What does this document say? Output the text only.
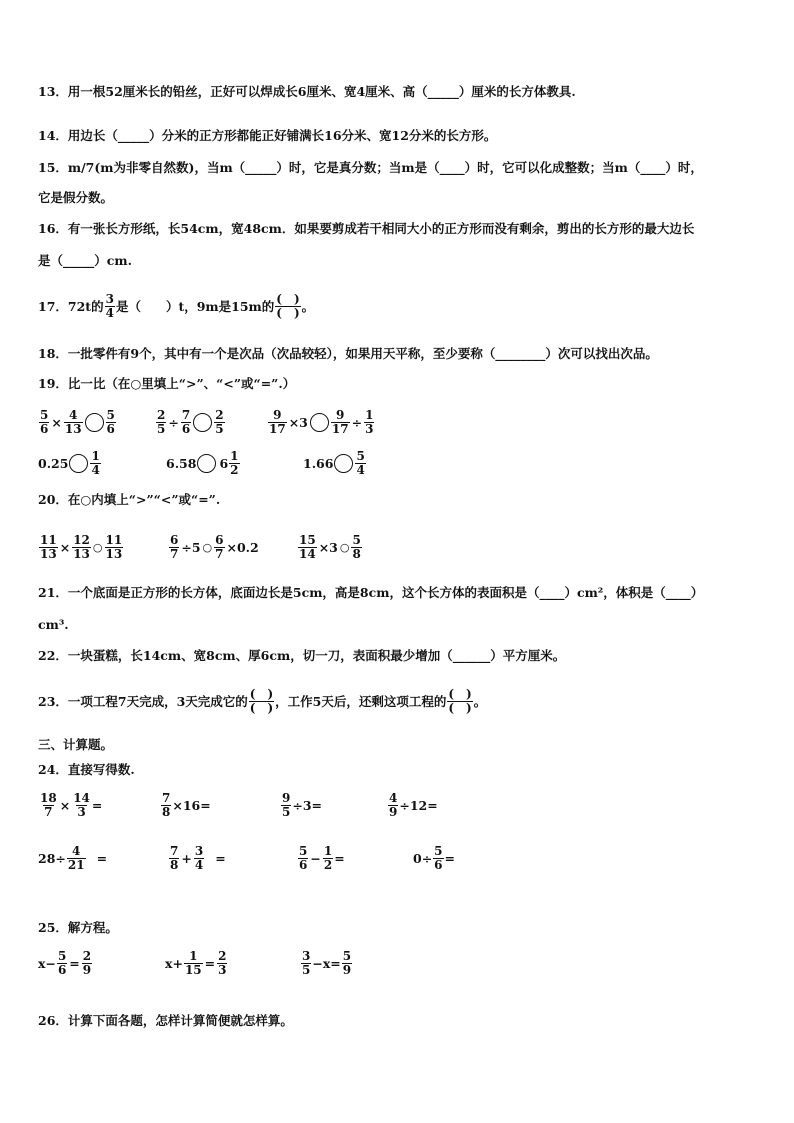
13．用一根52厘米长的铅丝，正好可以焊成长6厘米、宽4厘米、高（_____）厘米的长方体教具.
14．用边长（_____）分米的正方形都能正好铺满长16分米、宽12分米的长方形。
15．m/7(m为非零自然数)，当m（_____）时，它是真分数；当m是（____）时，它可以化成整数；当m（____）时，
它是假分数。
16．有一张长方形纸，长54cm，宽48cm．如果要剪成若干相同大小的正方形而没有剩余，剪出的长方形的最大边长
是（_____）cm.
17．72t的 $\frac{3}{4}$ 是（　　）t，9m是15m的 $\frac{( )}{( )}$ 。
18．一批零件有9个，其中有一个是次品（次品较轻），如果用天平称，至少要称（________）次可以找出次品。
19．比一比（在○里填上“>”、“<”或“=”.）
$\frac{5}{6} \times \frac{4}{13} \frac{5}{6}$	$\frac{2}{5} \div \frac{7}{6} \frac{2}{5}$	$\frac{9}{17} \times 3 \frac{9}{17} \div \frac{1}{3}$
$0.25 \frac{1}{4}$	6.58 $6 \frac{1}{2}$	$1.66 \frac{5}{4}$
20．在○内填上“>”“<”或“=”.
$\frac{11}{13} \times \frac{12}{13}$ ○ $\frac{11}{13}$	$\frac{6}{7} \div 5$ ○ $\frac{6}{7} \times 0.2$	$\frac{15}{14} \times 3$ ○ $\frac{5}{8}$
21．一个底面是正方形的长方体，底面边长是5cm，高是8cm，这个长方体的表面积是（____）cm²，体积是（____）
cm³.
22．一块蛋糕，长14cm、宽8cm、厚6cm，切一刀，表面积最少增加（______）平方厘米。
23．一项工程7天完成，3天完成它的 $\frac{( )}{( )}$ ，工作5天后，还剩这项工程的 $\frac{( )}{( )}$ 。
三、计算题。
24．直接写得数.
$\frac{18}{7} \times \frac{14}{3}$ =	$\frac{7}{8} \times 16=$	$\frac{9}{5} \div 3=$	$\frac{4}{9} \div 12=$
$28\div \frac{4}{21}$ =	$\frac{7}{8} + \frac{3}{4}$ =	$\frac{5}{6} - \frac{1}{2}$ =	$0\div \frac{5}{6}$ =
25．解方程。
$x- \frac{5}{6} = \frac{2}{9}$	$x+ \frac{1}{15} = \frac{2}{3}$	$\frac{3}{5} -x= \frac{5}{9}$
26．计算下面各题，怎样计算简便就怎样算。
